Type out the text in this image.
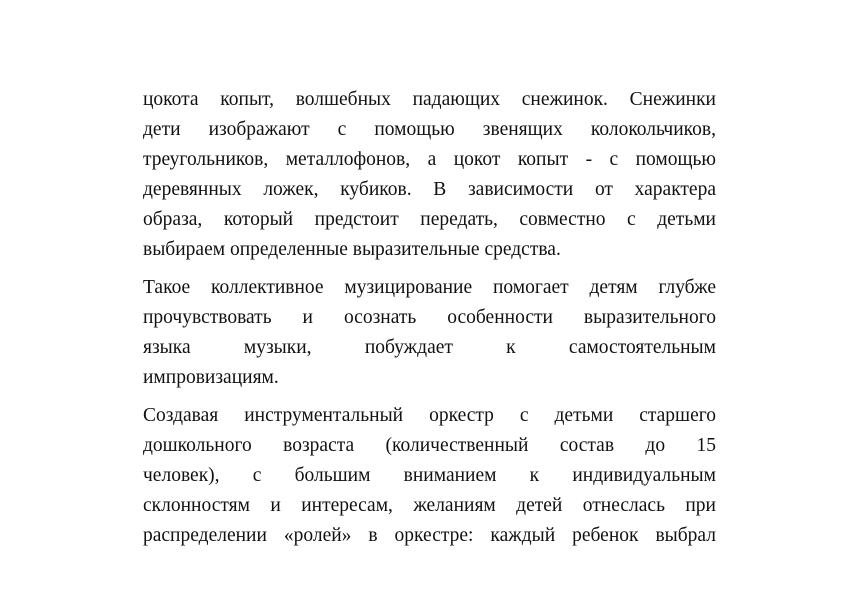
цокота копыт, волшебных падающих снежинок. Снежинки
дети изображают с помощью звенящих колокольчиков,
треугольников, металлофонов, а цокот копыт - с помощью
деревянных ложек, кубиков. В зависимости от характера
образа, который предстоит передать, совместно с детьми
выбираем определенные выразительные средства.

Такое коллективное музицирование помогает детям глубже
прочувствовать и осознать особенности выразительного
языка музыки, побуждает к самостоятельным
импровизациям.

Создавая инструментальный оркестр с детьми старшего
дошкольного возраста (количественный состав до 15
человек), с большим вниманием к индивидуальным
склонностям и интересам, желаниям детей отнеслась при
распределении «ролей» в оркестре: каждый ребенок выбрал
